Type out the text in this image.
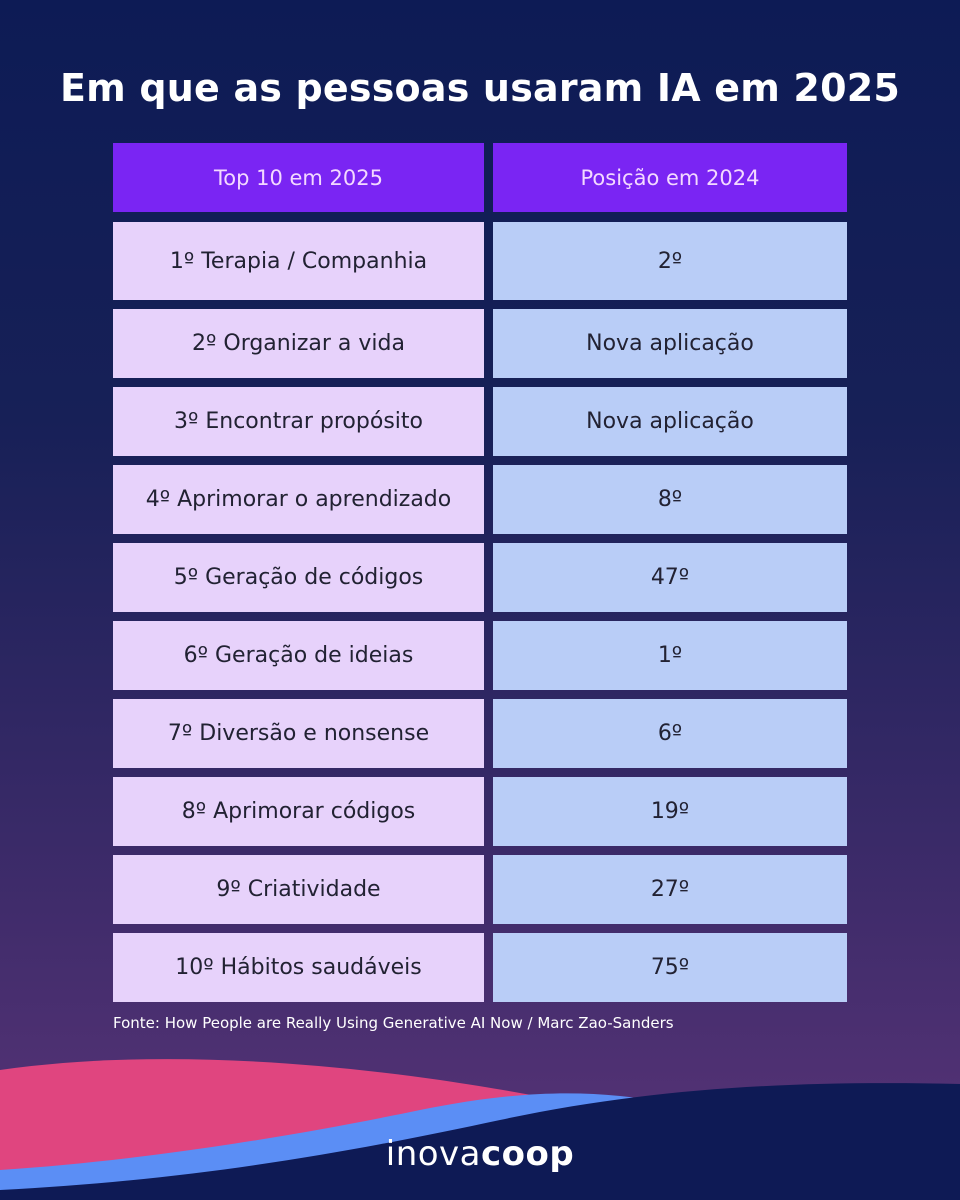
Em que as pessoas usaram IA em 2025
Top 10 em 2025	Posição em 2024
1º Terapia / Companhia	2º
2º Organizar a vida	Nova aplicação
3º Encontrar propósito	Nova aplicação
4º Aprimorar o aprendizado	8º
5º Geração de códigos	47º
6º Geração de ideias	1º
7º Diversão e nonsense	6º
8º Aprimorar códigos	19º
9º Criatividade	27º
10º Hábitos saudáveis	75º
Fonte: How People are Really Using Generative AI Now / Marc Zao-Sanders
inovacoop
